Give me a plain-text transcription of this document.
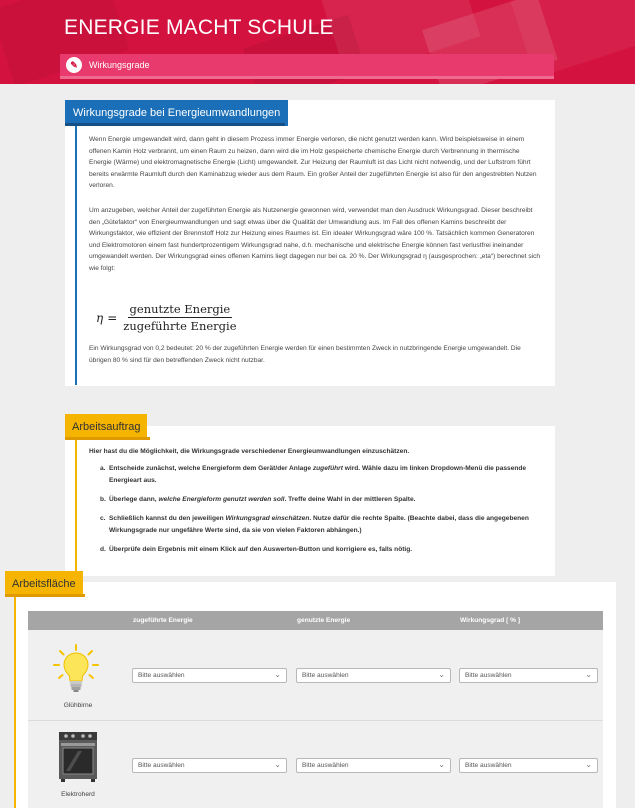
ENERGIE MACHT SCHULE
✎ Wirkungsgrade
Wirkungsgrade bei Energieumwandlungen
Wenn Energie umgewandelt wird, dann geht in diesem Prozess immer Energie verloren, die nicht genutzt werden kann. Wird beispielsweise in einem offenen Kamin Holz verbrannt, um einen Raum zu heizen, dann wird die im Holz gespeicherte chemische Energie durch Verbrennung in thermische Energie (Wärme) und elektromagnetische Energie (Licht) umgewandelt. Zur Heizung der Raumluft ist das Licht nicht notwendig, und der Luftstrom führt bereits erwärmte Raumluft durch den Kaminabzug wieder aus dem Raum. Ein großer Anteil der zugeführten Energie ist also für den angestrebten Nutzen verloren.
Um anzugeben, welcher Anteil der zugeführten Energie als Nutzenergie gewonnen wird, verwendet man den Ausdruck Wirkungsgrad. Dieser beschreibt den „Gütefaktor“ von Energieumwandlungen und sagt etwas über die Qualität der Umwandlung aus. Im Fall des offenen Kamins beschreibt der Wirkungsfaktor, wie effizient der Brennstoff Holz zur Heizung eines Raumes ist. Ein idealer Wirkungsgrad wäre 100 %. Tatsächlich kommen Generatoren und Elektromotoren einem fast hundertprozentigem Wirkungsgrad nahe, d.h. mechanische und elektrische Energie können fast verlustfrei ineinander umgewandelt werden. Der Wirkungsgrad eines offenen Kamins liegt dagegen nur bei ca. 20 %. Der Wirkungsgrad η (ausgesprochen: „eta“) berechnet sich wie folgt:
$\eta = \frac{\text{genutzte Energie}}{\text{zugeführte Energie}}$
Ein Wirkungsgrad von 0,2 bedeutet: 20 % der zugeführten Energie werden für einen bestimmten Zweck in nutzbringende Energie umgewandelt. Die übrigen 80 % sind für den betreffenden Zweck nicht nutzbar.
Arbeitsauftrag
Hier hast du die Möglichkeit, die Wirkungsgrade verschiedener Energieumwandlungen einzuschätzen.
a. Entscheide zunächst, welche Energieform dem Gerät/der Anlage zugeführt wird. Wähle dazu im linken Dropdown-Menü die passende Energieart aus.
b. Überlege dann, welche Energieform genutzt werden soll. Treffe deine Wahl in der mittleren Spalte.
c. Schließlich kannst du den jeweiligen Wirkungsgrad einschätzen. Nutze dafür die rechte Spalte. (Beachte dabei, dass die angegebenen Wirkungsgrade nur ungefähre Werte sind, da sie von vielen Faktoren abhängen.)
d. Überprüfe dein Ergebnis mit einem Klick auf den Auswerten-Button und korrigiere es, falls nötig.
Arbeitsfläche
zugeführte Energie	genutzte Energie	Wirkungsgrad [ % ]
Glühbirne
Bitte auswählen	⌄	Bitte auswählen	⌄	Bitte auswählen	⌄
Elektroherd
Bitte auswählen	⌄	Bitte auswählen	⌄	Bitte auswählen	⌄
